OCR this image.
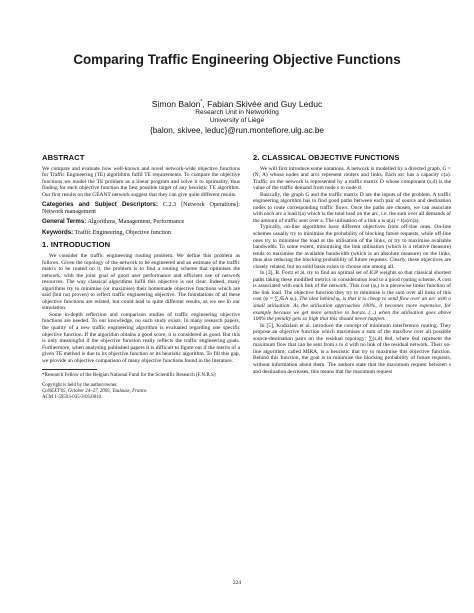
Comparing Traffic Engineering Objective Functions
Simon Balon*, Fabian Skivée and Guy Leduc
Research Unit in Networking
University of Liège
{balon, skivee, leduc}@run.montefiore.ulg.ac.be
ABSTRACT

We compare and evaluate how well-known and novel network-wide objective functions for Traffic Engineering (TE) algorithms fulfil TE requirements. To compare the objective functions we model the TE problem as a linear program and solve it to optimality, thus finding for each objective function the best possible target of any heuristic TE algorithm. Our first results on the GÉANT network suggest that they can give quite different results.

Categories and Subject Descriptors: C.2.3 [Network Operations]: Network management
General Terms: Algorithms, Management, Performance
Keywords: Traffic Engineering, Objective function
1. INTRODUCTION

We consider the traffic engineering routing problem. We define this problem as follows. Given the topology of the network to be engineered and an estimate of the traffic matrix to be routed on it, the problem is to find a routing scheme that optimises the network, with the joint goal of good user performance and efficient use of network resources. The way classical algorithms fulfil this objective is not clear. Indeed, many algorithms try to minimise (or maximise) their homemade objective functions which are said (but not proven) to reflect traffic engineering objective. The foundations of all these objective functions are related, but could lead to quite different results, as we see in our simulation.

Some in-depth reflection and comparison studies of traffic engineering objective functions are needed. To our knowledge, no such study exists. In many research papers, the quality of a new traffic engineering algorithm is evaluated regarding one specific objective function. If the algorithm obtains a good score, it is considered as good. But this is only meaningful if the objective function really reflects the traffic engineering goals. Furthermore, when analysing published papers it is difficult to figure out if the merits of a given TE method is due to its objective function or its heuristic algorithm. To fill this gap, we provide an objective comparison of many objective functions found in the literature.

*Research Fellow of the Belgian National Fund for the Scientific Research (F.N.R.S)
Copyright is held by the author/owner.
CoNEXT'05, October 24–27, 2005, Toulouse, France.
ACM 1-59593-035-3/05/0010.
2. CLASSICAL OBJECTIVE FUNCTIONS

We will first introduce some notations. A network is modelled by a directed graph, G = (N, A) whose nodes and arcs represent routers and links. Each arc has a capacity c(a). Traffic on the network is represented by a traffic matrix D whose component (s,d) is the value of the traffic demand from node s to node d.

Basically, the graph G and the traffic matrix D are the inputs of the problem. A traffic engineering algorithm has to find good paths between each pair of source and destination nodes to route corresponding traffic flows. Once the paths are chosen, we can associate with each arc a load l(a) which is the total load on the arc, i.e. the sum over all demands of the amount of traffic sent over a. The utilisation of a link a is u(a) = l(a)/c(a).

Typically, on-line algorithms have different objectives from off-line ones. On-line schemes usually try to minimise the probability of blocking future requests, while off-line ones try to minimise the load or the utilisation of the links, or try to maximise available bandwidth. To some extent, minimising the link utilisation (which is a relative measure) tends to maximise the available bandwidth (which is an absolute measure) on the links, thus also reducing the blocking probability of future requests. Clearly, these objectives are closely related, but no solid basis exists to choose one among all.

In [3], B. Fortz et al. try to find an optimal set of IGP weights so that classical shortest paths taking these modified metrics in consideration lead to a good routing scheme. A cost is associated with each link of the network. This cost (φₐ) is a piecewise linear function of the link load. The objective function they try to minimise is the sum over all links of this cost (φ = ∑ₐ∈A φₐ). The idea behind φₐ is that it is cheap to send flow over an arc with a small utilisation. As the utilisation approaches 100%, it becomes more expensive, for example because we get more sensitive to bursts. (...) when the utilisation goes above 100% the penalty gets so high that this should never happen.

In [5], Kodialam et al. introduce the concept of minimum interference routing. They propose an objective function which maximises a sum of the maxflow over all possible source-destination pairs on the residual topology: ∑(s,d) θsd, where θsd represent the maximum flow that can be sent from s to d with no link of the residual network. Their on-line algorithm, called MIRA, is a heuristic that try to maximise this objective function. Behind this function, the goal is to minimise the blocking probability of future requests, without information about them. The authors state that the maximum request between s and destination decreases, this means that the maximum request

224
